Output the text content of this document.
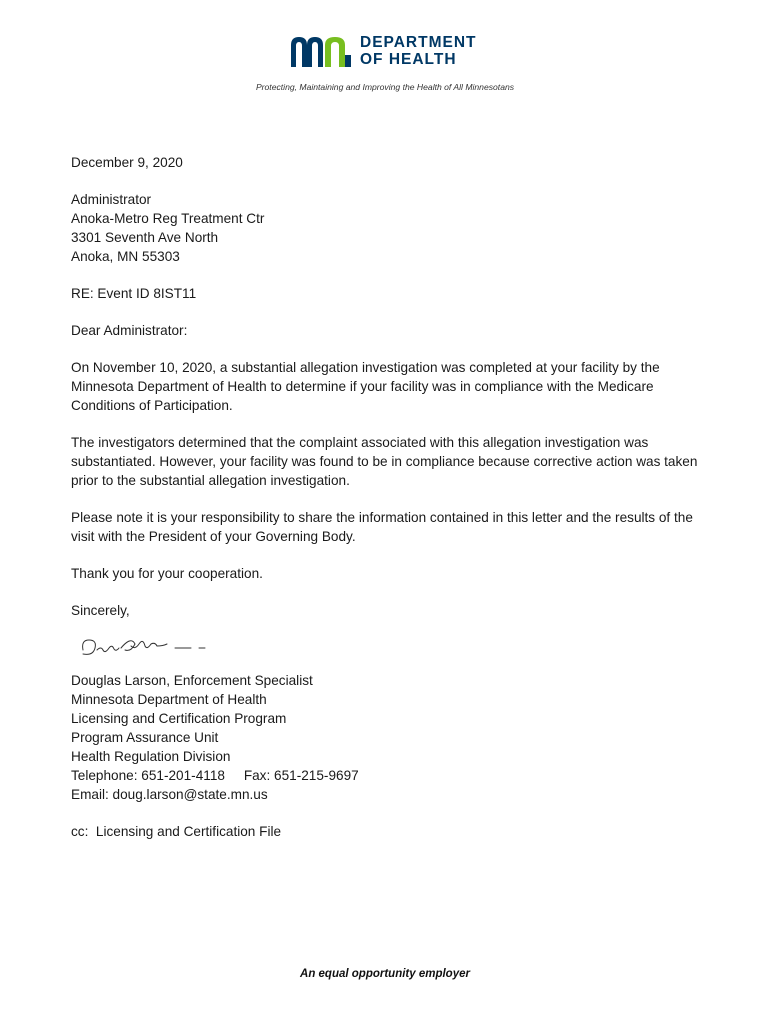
DEPARTMENT
OF HEALTH
Protecting, Maintaining and Improving the Health of All Minnesotans
December 9, 2020
Administrator
Anoka-Metro Reg Treatment Ctr
3301 Seventh Ave North
Anoka, MN 55303
RE: Event ID 8IST11
Dear Administrator:
On November 10, 2020, a substantial allegation investigation was completed at your facility by the Minnesota Department of Health to determine if your facility was in compliance with the Medicare Conditions of Participation.
The investigators determined that the complaint associated with this allegation investigation was substantiated. However, your facility was found to be in compliance because corrective action was taken prior to the substantial allegation investigation.
Please note it is your responsibility to share the information contained in this letter and the results of the visit with the President of your Governing Body.
Thank you for your cooperation.
Sincerely,
Douglas Larson, Enforcement Specialist
Minnesota Department of Health
Licensing and Certification Program
Program Assurance Unit
Health Regulation Division
Telephone: 651-201-4118     Fax: 651-215-9697
Email: doug.larson@state.mn.us
cc:  Licensing and Certification File
An equal opportunity employer
